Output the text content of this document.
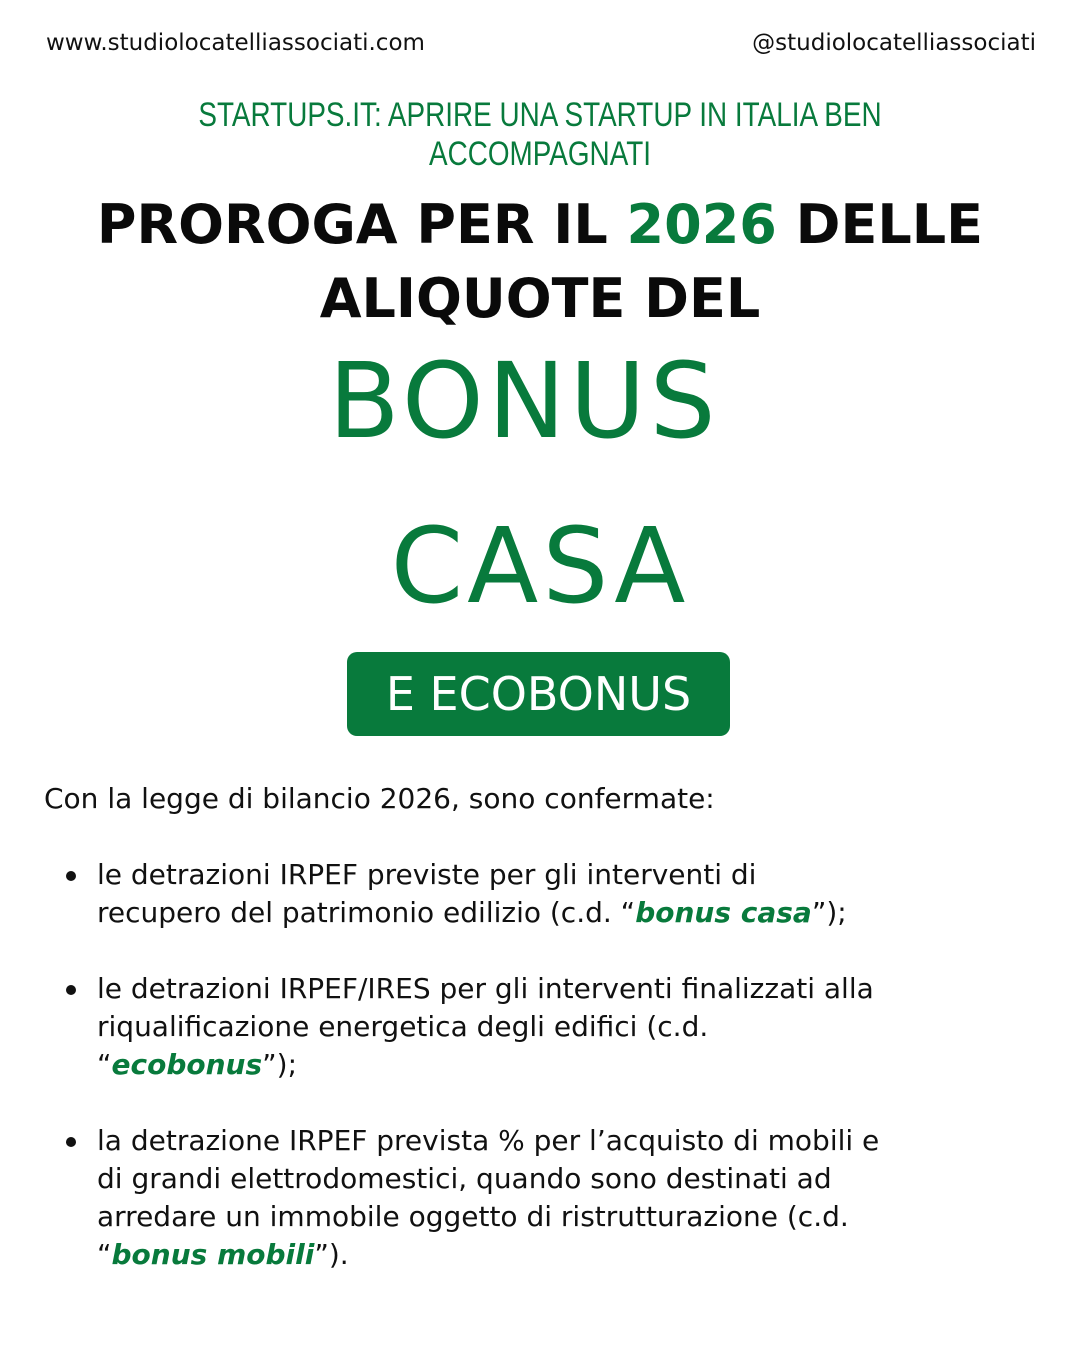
www.studiolocatelliassociati.com	@studiolocatelliassociati
STARTUPS.IT: APRIRE UNA STARTUP IN ITALIA BEN ACCOMPAGNATI
PROROGA PER IL 2026 DELLE
ALIQUOTE DEL
BONUS
CASA
E ECOBONUS
Con la legge di bilancio 2026, sono confermate:
le detrazioni IRPEF previste per gli interventi di
recupero del patrimonio edilizio (c.d. “bonus casa”);
le detrazioni IRPEF/IRES per gli interventi finalizzati alla
riqualificazione energetica degli edifici (c.d.
“ecobonus”);
la detrazione IRPEF prevista % per l’acquisto di mobili e
di grandi elettrodomestici, quando sono destinati ad
arredare un immobile oggetto di ristrutturazione (c.d.
“bonus mobili”).
